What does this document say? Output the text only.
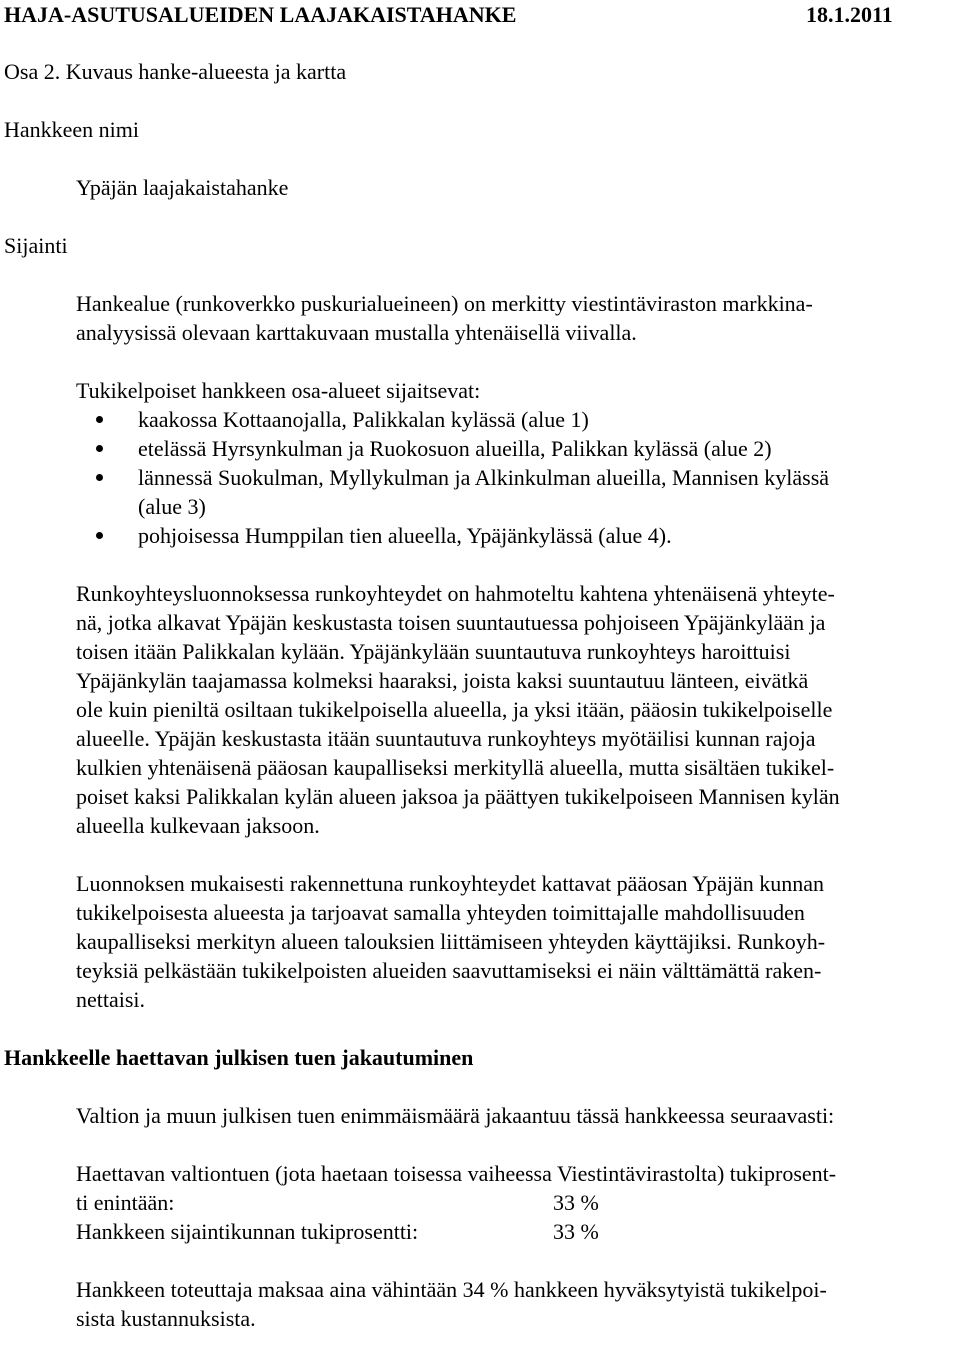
HAJA-ASUTUSALUEIDEN LAAJAKAISTAHANKE	18.1.2011
Osa 2. Kuvaus hanke-alueesta ja kartta
Hankkeen nimi
Ypäjän laajakaistahanke
Sijainti
Hankealue (runkoverkko puskurialueineen) on merkitty viestintäviraston markkina-
analyysissä olevaan karttakuvaan mustalla yhtenäisellä viivalla.
Tukikelpoiset hankkeen osa-alueet sijaitsevat:
kaakossa Kottaanojalla, Palikkalan kylässä (alue 1)
etelässä Hyrsynkulman ja Ruokosuon alueilla, Palikkan kylässä (alue 2)
lännessä Suokulman, Myllykulman ja Alkinkulman alueilla, Mannisen kylässä
(alue 3)
pohjoisessa Humppilan tien alueella, Ypäjänkylässä (alue 4).
Runkoyhteysluonnoksessa runkoyhteydet on hahmoteltu kahtena yhtenäisenä yhteyte-
nä, jotka alkavat Ypäjän keskustasta toisen suuntautuessa pohjoiseen Ypäjänkylään ja
toisen itään Palikkalan kylään. Ypäjänkylään suuntautuva runkoyhteys haroittuisi
Ypäjänkylän taajamassa kolmeksi haaraksi, joista kaksi suuntautuu länteen, eivätkä
ole kuin pieniltä osiltaan tukikelpoisella alueella, ja yksi itään, pääosin tukikelpoiselle
alueelle. Ypäjän keskustasta itään suuntautuva runkoyhteys myötäilisi kunnan rajoja
kulkien yhtenäisenä pääosan kaupalliseksi merkityllä alueella, mutta sisältäen tukikel-
poiset kaksi Palikkalan kylän alueen jaksoa ja päättyen tukikelpoiseen Mannisen kylän
alueella kulkevaan jaksoon.
Luonnoksen mukaisesti rakennettuna runkoyhteydet kattavat pääosan Ypäjän kunnan
tukikelpoisesta alueesta ja tarjoavat samalla yhteyden toimittajalle mahdollisuuden
kaupalliseksi merkityn alueen talouksien liittämiseen yhteyden käyttäjiksi. Runkoyh-
teyksiä pelkästään tukikelpoisten alueiden saavuttamiseksi ei näin välttämättä raken-
nettaisi.
Hankkeelle haettavan julkisen tuen jakautuminen
Valtion ja muun julkisen tuen enimmäismäärä jakaantuu tässä hankkeessa seuraavasti:
Haettavan valtiontuen (jota haetaan toisessa vaiheessa Viestintävirastolta) tukiprosent-
ti enintään:	33 %
Hankkeen sijaintikunnan tukiprosentti:	33 %
Hankkeen toteuttaja maksaa aina vähintään 34 % hankkeen hyväksytyistä tukikelpoi-
sista kustannuksista.
